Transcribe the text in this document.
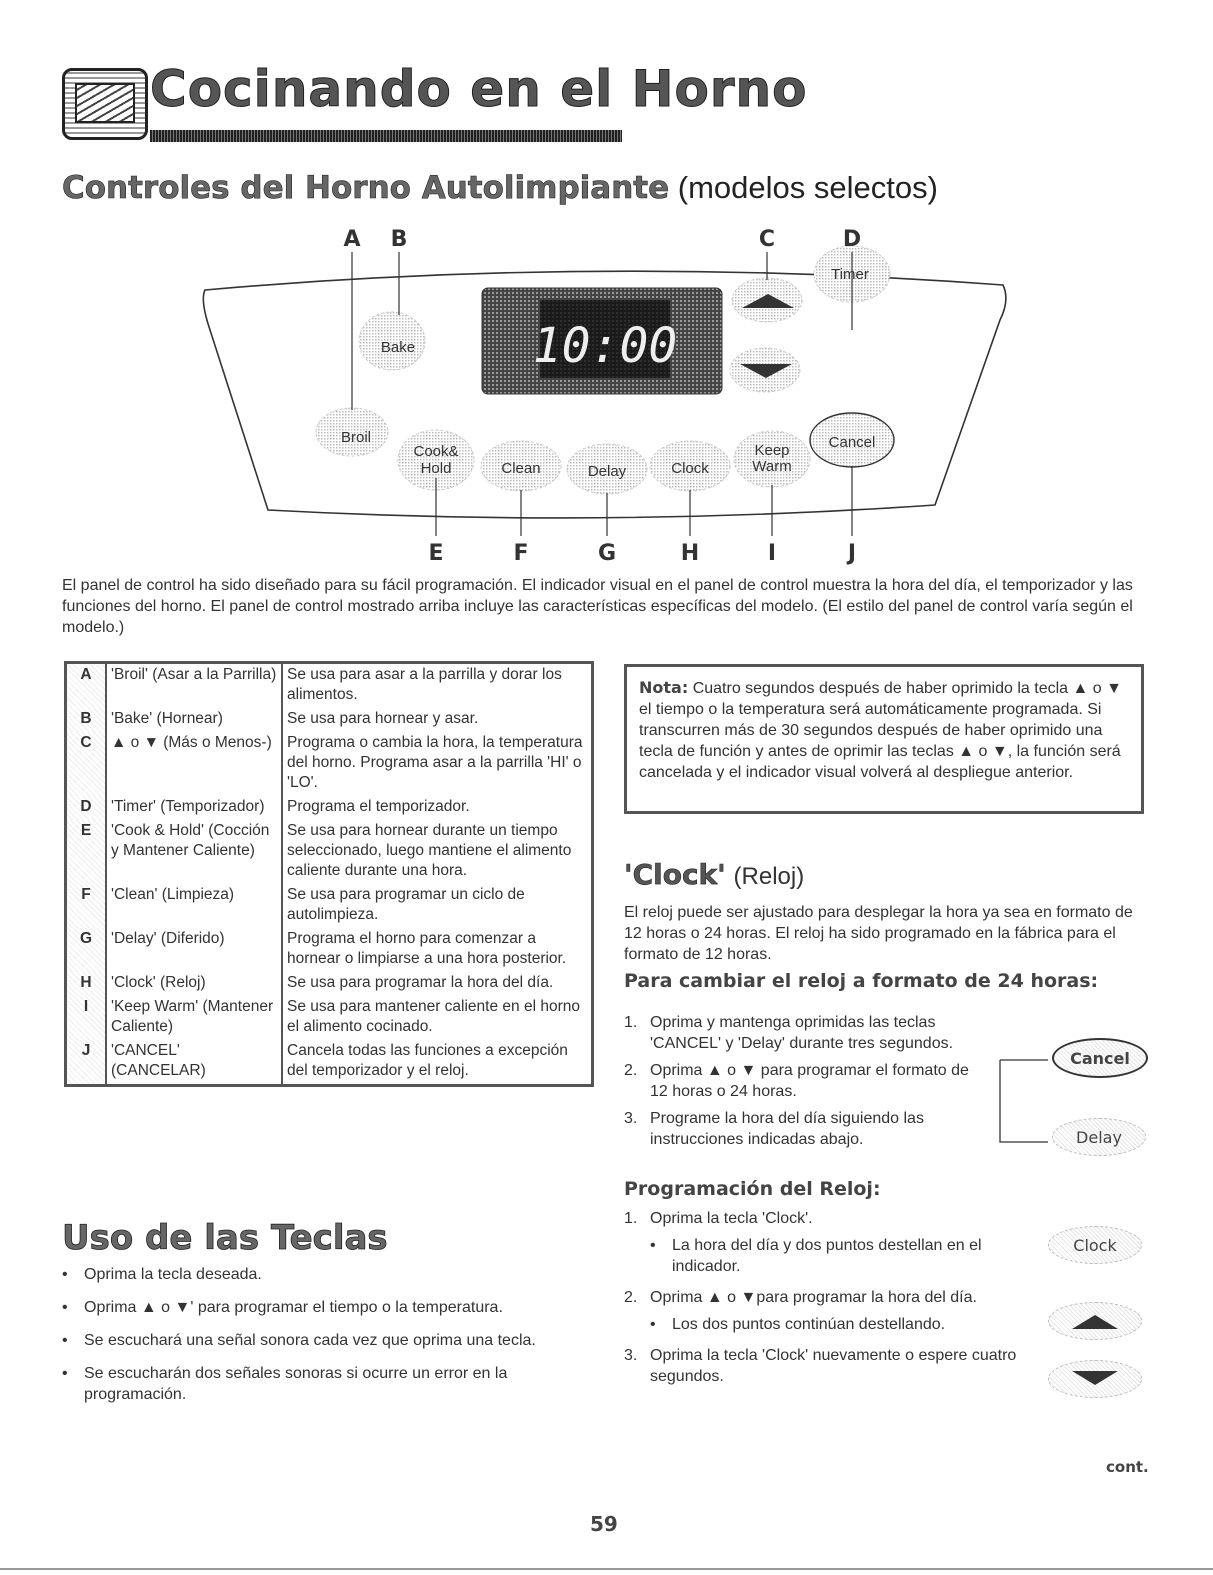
Cocinando en el Horno
Controles del Horno Autolimpiante (modelos selectos)
10:00
Bake
Timer
Broil
Cook&
Hold	Clean	Delay	Clock
Keep
Warm
Cancel
A B	C	D
E	F	G	H	I	J
El panel de control ha sido diseñado para su fácil programación. El indicador visual en el panel de control muestra la hora del día, el temporizador y las funciones del horno. El panel de control mostrado arriba incluye las características específicas del modelo. (El estilo del panel de control varía según el modelo.)
A	'Broil' (Asar a la Parrilla)	Se usa para asar a la parrilla y dorar los alimentos.
B	'Bake' (Hornear)	Se usa para hornear y asar.
C	▲ o ▼ (Más o Menos-)	Programa o cambia la hora, la temperatura del horno. Programa asar a la parrilla 'HI' o 'LO'.
D	'Timer' (Temporizador)	Programa el temporizador.
E	'Cook & Hold' (Cocción y Mantener Caliente)	Se usa para hornear durante un tiempo seleccionado, luego mantiene el alimento caliente durante una hora.
F	'Clean' (Limpieza)	Se usa para programar un ciclo de autolimpieza.
G	'Delay' (Diferido)	Programa el horno para comenzar a hornear o limpiarse a una hora posterior.
H	'Clock' (Reloj)	Se usa para programar la hora del día.
I	'Keep Warm' (Mantener Caliente)	Se usa para mantener caliente en el horno el alimento cocinado.
J	'CANCEL' (CANCELAR)	Cancela todas las funciones a excepción del temporizador y el reloj.
Nota: Cuatro segundos después de haber oprimido la tecla ▲ o ▼ el tiempo o la temperatura será automáticamente programada. Si transcurren más de 30 segundos después de haber oprimido una tecla de función y antes de oprimir las teclas ▲ o ▼, la función será cancelada y el indicador visual volverá al despliegue anterior.
'Clock' (Reloj)
El reloj puede ser ajustado para desplegar la hora ya sea en formato de 12 horas o 24 horas. El reloj ha sido programado en la fábrica para el formato de 12 horas.
Para cambiar el reloj a formato de 24 horas:
1. Oprima y mantenga oprimidas las teclas 'CANCEL' y 'Delay' durante tres segundos.
2. Oprima ▲ o ▼ para programar el formato de 12 horas o 24 horas.
3. Programe la hora del día siguiendo las instrucciones indicadas abajo.
Cancel
Delay
Programación del Reloj:
1. Oprima la tecla 'Clock'.
•	La hora del día y dos puntos destellan en el indicador.
2. Oprima ▲ o ▼para programar la hora del día.
•	Los dos puntos continúan destellando.
3. Oprima la tecla 'Clock' nuevamente o espere cuatro segundos.
Clock
Uso de las Teclas
•	Oprima la tecla deseada.
•	Oprima ▲ o ▼' para programar el tiempo o la temperatura.
•	Se escuchará una señal sonora cada vez que oprima una tecla.
•	Se escucharán dos señales sonoras si ocurre un error en la programación.
cont.
59
